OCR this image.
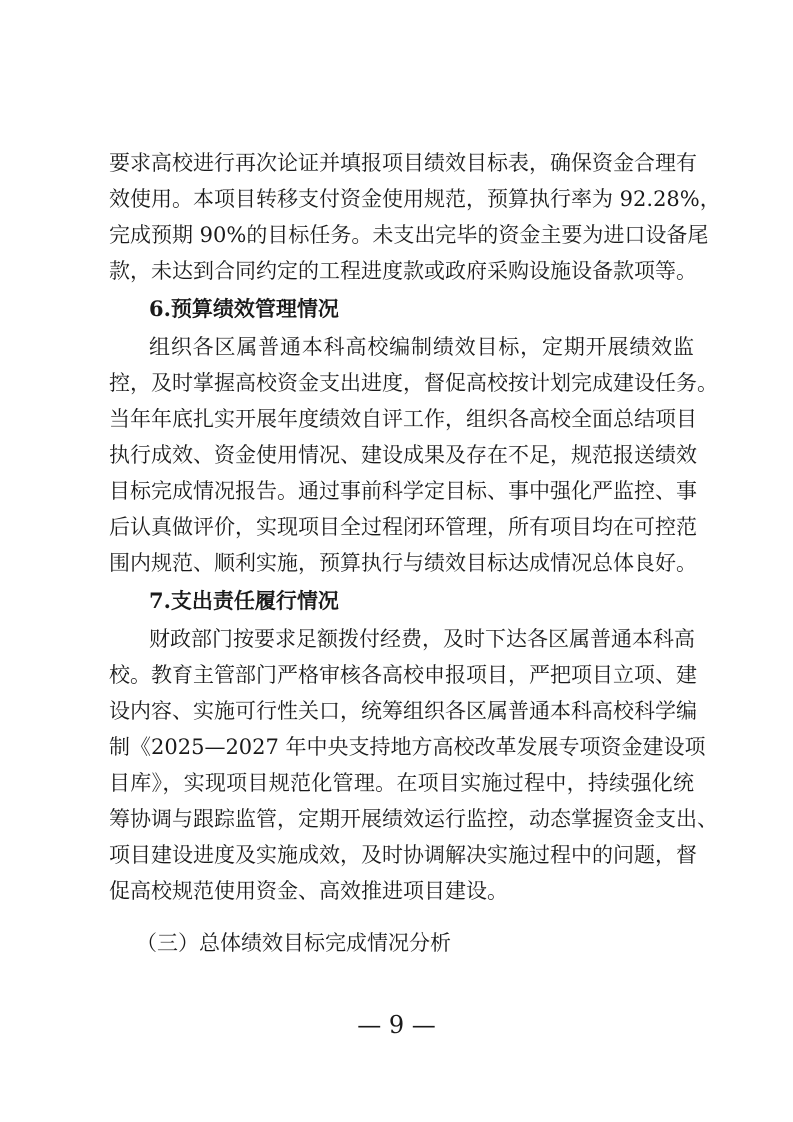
要求高校进行再次论证并填报项目绩效目标表，确保资金合理有
效使用。本项目转移支付资金使用规范，预算执行率为 92.28%，
完成预期 90%的目标任务。未支出完毕的资金主要为进口设备尾
款，未达到合同约定的工程进度款或政府采购设施设备款项等。
6.预算绩效管理情况
组织各区属普通本科高校编制绩效目标，定期开展绩效监
控，及时掌握高校资金支出进度，督促高校按计划完成建设任务。
当年年底扎实开展年度绩效自评工作，组织各高校全面总结项目
执行成效、资金使用情况、建设成果及存在不足，规范报送绩效
目标完成情况报告。通过事前科学定目标、事中强化严监控、事
后认真做评价，实现项目全过程闭环管理，所有项目均在可控范
围内规范、顺利实施，预算执行与绩效目标达成情况总体良好。
7.支出责任履行情况
财政部门按要求足额拨付经费，及时下达各区属普通本科高
校。教育主管部门严格审核各高校申报项目，严把项目立项、建
设内容、实施可行性关口，统筹组织各区属普通本科高校科学编
制《2025—2027 年中央支持地方高校改革发展专项资金建设项
目库》，实现项目规范化管理。在项目实施过程中，持续强化统
筹协调与跟踪监管，定期开展绩效运行监控，动态掌握资金支出、
项目建设进度及实施成效，及时协调解决实施过程中的问题，督
促高校规范使用资金、高效推进项目建设。
（三）总体绩效目标完成情况分析
— 9 —
